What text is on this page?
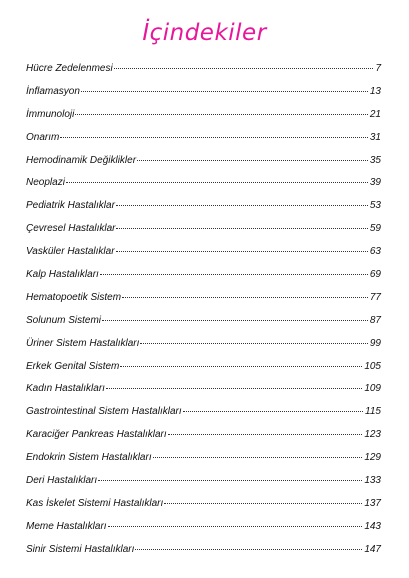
İçindekiler
Hücre Zedelenmesi	7
İnflamasyon	13
İmmunoloji	21
Onarım	31
Hemodinamik Değiklikler	35
Neoplazi	39
Pediatrik Hastalıklar	53
Çevresel Hastalıklar	59
Vasküler Hastalıklar	63
Kalp Hastalıkları	69
Hematopoetik Sistem	77
Solunum Sistemi	87
Üriner Sistem Hastalıkları	99
Erkek Genital Sistem	105
Kadın Hastalıkları	109
Gastrointestinal Sistem Hastalıkları	115
Karaciğer Pankreas Hastalıkları	123
Endokrin Sistem Hastalıkları	129
Deri Hastalıkları	133
Kas İskelet Sistemi Hastalıkları	137
Meme Hastalıkları	143
Sinir Sistemi Hastalıkları	147
